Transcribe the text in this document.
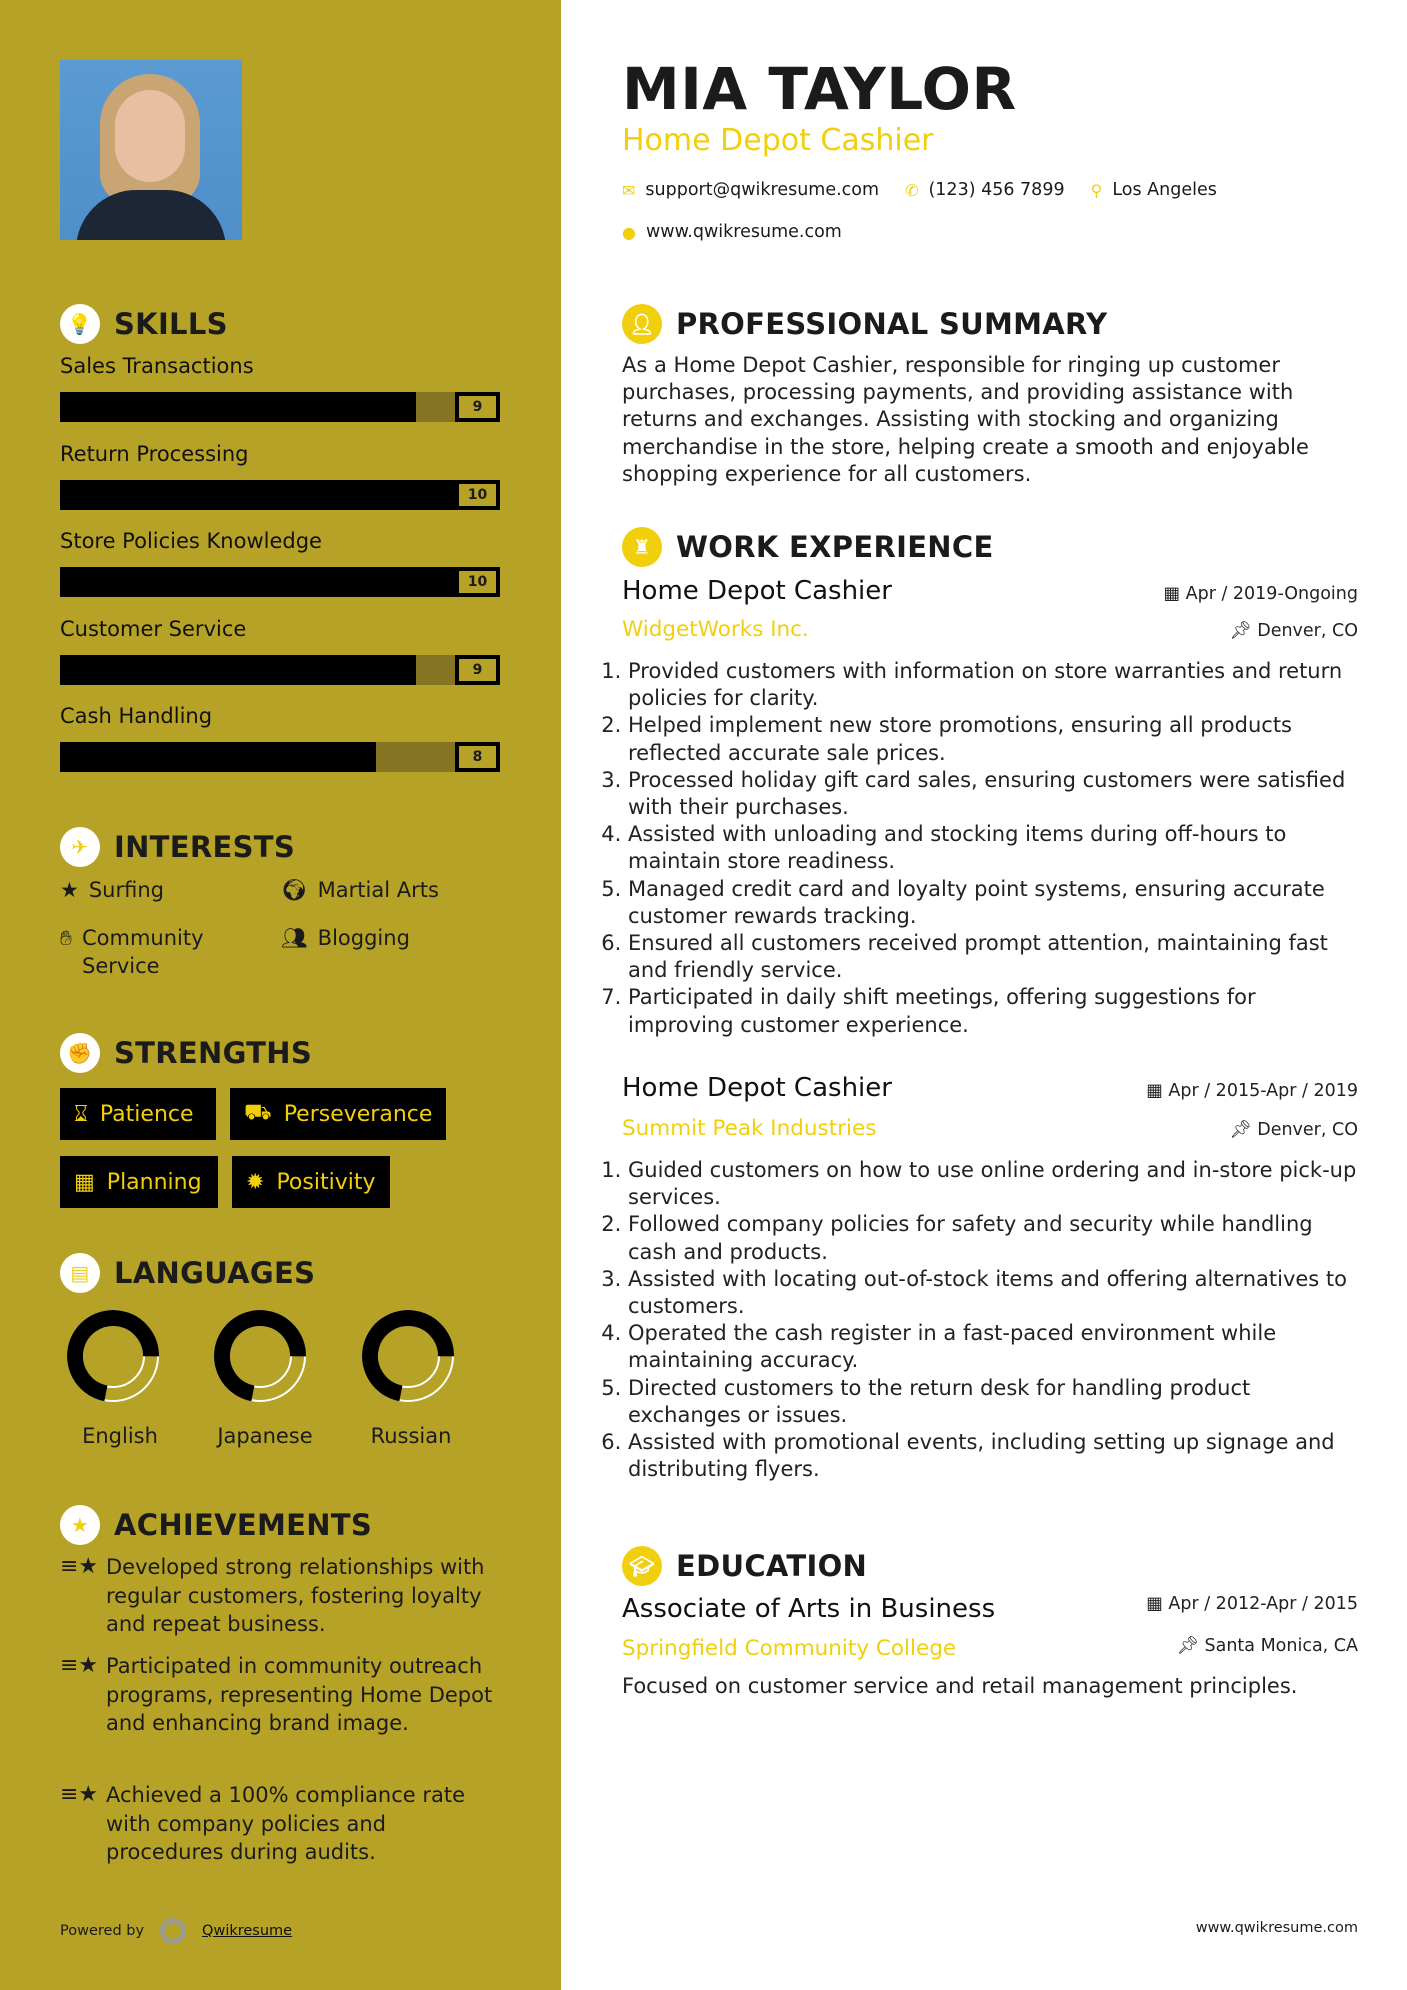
💡 SKILLS
Sales Transactions
9
Return Processing
10
Store Policies Knowledge
10
Customer Service
9
Cash Handling
8
✈ INTERESTS
★ Surfing	🌍︎ Martial Arts
✋︎ Community Service
👥︎ Blogging
✊ STRENGTHS
⌛︎ Patience ⛟︎ Perseverance
▦ Planning ✹ Positivity
▤ LANGUAGES
English	Japanese	Russian
★ ACHIEVEMENTS
≡★ Developed strong relationships with regular customers, fostering loyalty and repeat business.
≡★ Participated in community outreach programs, representing Home Depot and enhancing brand image.
≡★ Achieved a 100% compliance rate with company policies and procedures during audits.
Powered by	Qwikresume
MIA TAYLOR
Home Depot Cashier
✉ support@qwikresume.com ✆ (123) 456 7899 ⚲ Los Angeles
● www.qwikresume.com
👤︎ PROFESSIONAL SUMMARY
As a Home Depot Cashier, responsible for ringing up customer purchases, processing payments, and providing assistance with returns and exchanges. Assisting with stocking and organizing merchandise in the store, helping create a smooth and enjoyable shopping experience for all customers.
♜ WORK EXPERIENCE
Home Depot Cashier	▦ Apr / 2019-Ongoing
WidgetWorks Inc.	📌︎ Denver, CO
1. Provided customers with information on store warranties and return policies for clarity.
2. Helped implement new store promotions, ensuring all products reflected accurate sale prices.
3. Processed holiday gift card sales, ensuring customers were satisfied with their purchases.
4. Assisted with unloading and stocking items during off-hours to maintain store readiness.
5. Managed credit card and loyalty point systems, ensuring accurate customer rewards tracking.
6. Ensured all customers received prompt attention, maintaining fast and friendly service.
7. Participated in daily shift meetings, offering suggestions for improving customer experience.
Home Depot Cashier	▦ Apr / 2015-Apr / 2019
Summit Peak Industries	📌︎ Denver, CO
1. Guided customers on how to use online ordering and in-store pick-up services.
2. Followed company policies for safety and security while handling cash and products.
3. Assisted with locating out-of-stock items and offering alternatives to customers.
4. Operated the cash register in a fast-paced environment while maintaining accuracy.
5. Directed customers to the return desk for handling product exchanges or issues.
6. Assisted with promotional events, including setting up signage and distributing flyers.
🎓︎ EDUCATION
Associate of Arts in Business	▦ Apr / 2012-Apr / 2015
Springfield Community College	📌︎ Santa Monica, CA
Focused on customer service and retail management principles.
www.qwikresume.com
